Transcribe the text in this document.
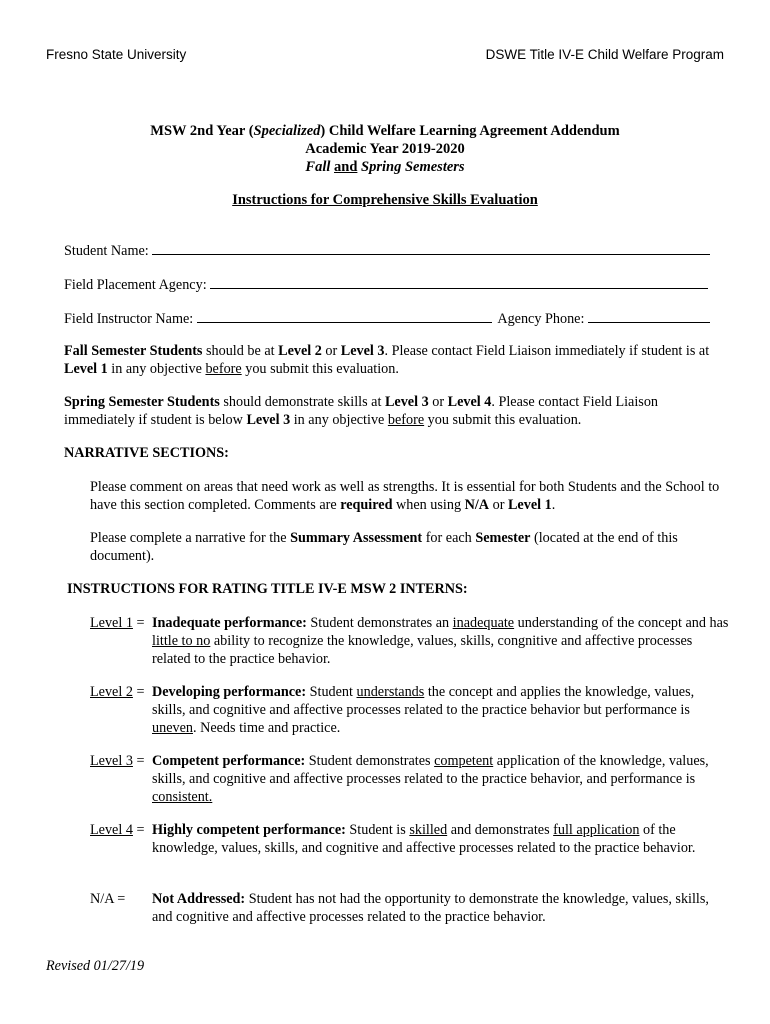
Fresno State University	DSWE Title IV-E Child Welfare Program
MSW 2nd Year (Specialized) Child Welfare Learning Agreement Addendum
Academic Year 2019-2020
Fall and Spring Semesters
Instructions for Comprehensive Skills Evaluation
Student Name:
Field Placement Agency:
Field Instructor Name:	Agency Phone:
Fall Semester Students should be at Level 2 or Level 3. Please contact Field Liaison immediately if student is at Level 1 in any objective before you submit this evaluation.
Spring Semester Students should demonstrate skills at Level 3 or Level 4. Please contact Field Liaison immediately if student is below Level 3 in any objective before you submit this evaluation.
NARRATIVE SECTIONS:
Please comment on areas that need work as well as strengths. It is essential for both Students and the School to have this section completed. Comments are required when using N/A or Level 1.
Please complete a narrative for the Summary Assessment for each Semester (located at the end of this document).
INSTRUCTIONS FOR RATING TITLE IV-E MSW 2 INTERNS:
Level 1 = Inadequate performance: Student demonstrates an inadequate understanding of the concept and has little to no ability to recognize the knowledge, values, skills, congnitive and affective processes related to the practice behavior.
Level 2 = Developing performance: Student understands the concept and applies the knowledge, values, skills, and cognitive and affective processes related to the practice behavior but performance is uneven. Needs time and practice.
Level 3 = Competent performance: Student demonstrates competent application of the knowledge, values, skills, and cognitive and affective processes related to the practice behavior, and performance is consistent.
Level 4 = Highly competent performance: Student is skilled and demonstrates full application of the knowledge, values, skills, and cognitive and affective processes related to the practice behavior.
N/A = Not Addressed: Student has not had the opportunity to demonstrate the knowledge, values, skills, and cognitive and affective processes related to the practice behavior.
Revised 01/27/19
